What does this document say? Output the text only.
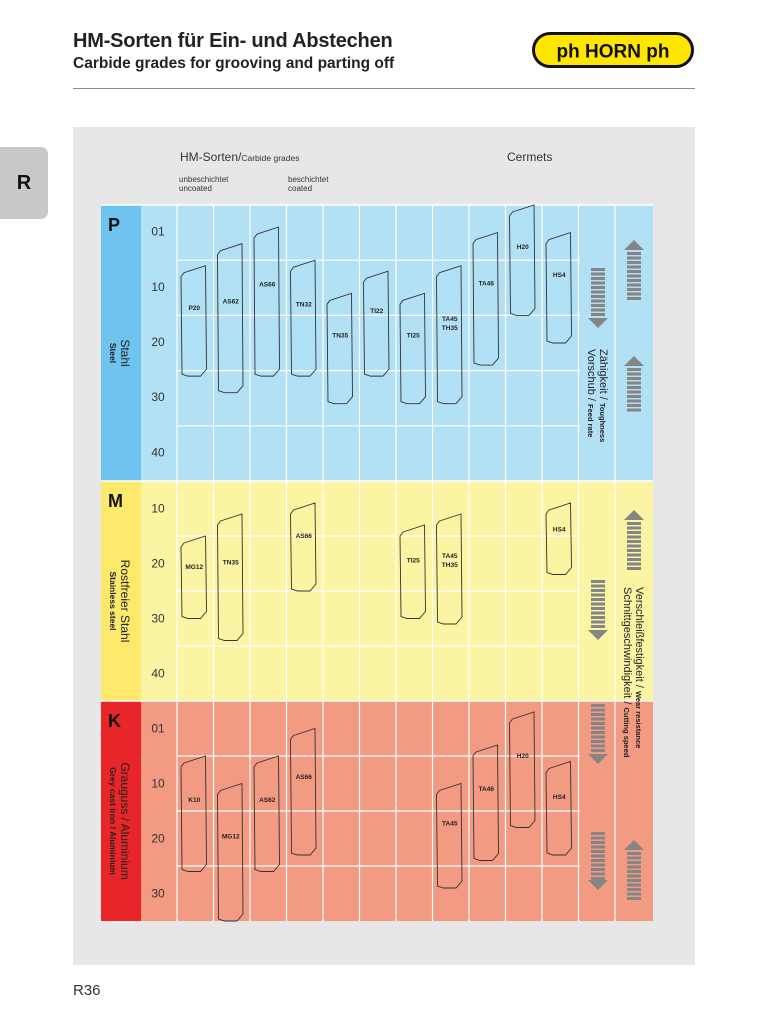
HM-Sorten für Ein- und Abstechen
Carbide grades for grooving and parting off
ph HORN ph
R
HM-Sorten/Carbide grades	Cermets
unbeschichtet
uncoated
beschichtet
coated
01
10
20
30
40
P
Stahl
Steel
P20
AS62
AS66
TN32
TN35
TI22
TI25
TA45
TH35
TA46
H20
HS4
10
20
30
40
M
Rostfreier Stahl
Stainless steel
MG12
TN35
AS66
TI25
TA45
TH35
HS4
01
10
20
30
K
Grauguss / Aluminium
Grey cast iron / Aluminium	K10
MG12
AS62
AS66
TA45
TA46
H20
HS4
Zähigkeit / Toughness
Vorschub / Feed rate
Verschleißfestigkeit / Wear resistance
Schnittgeschwindigkeit / Cutting speed
R36
